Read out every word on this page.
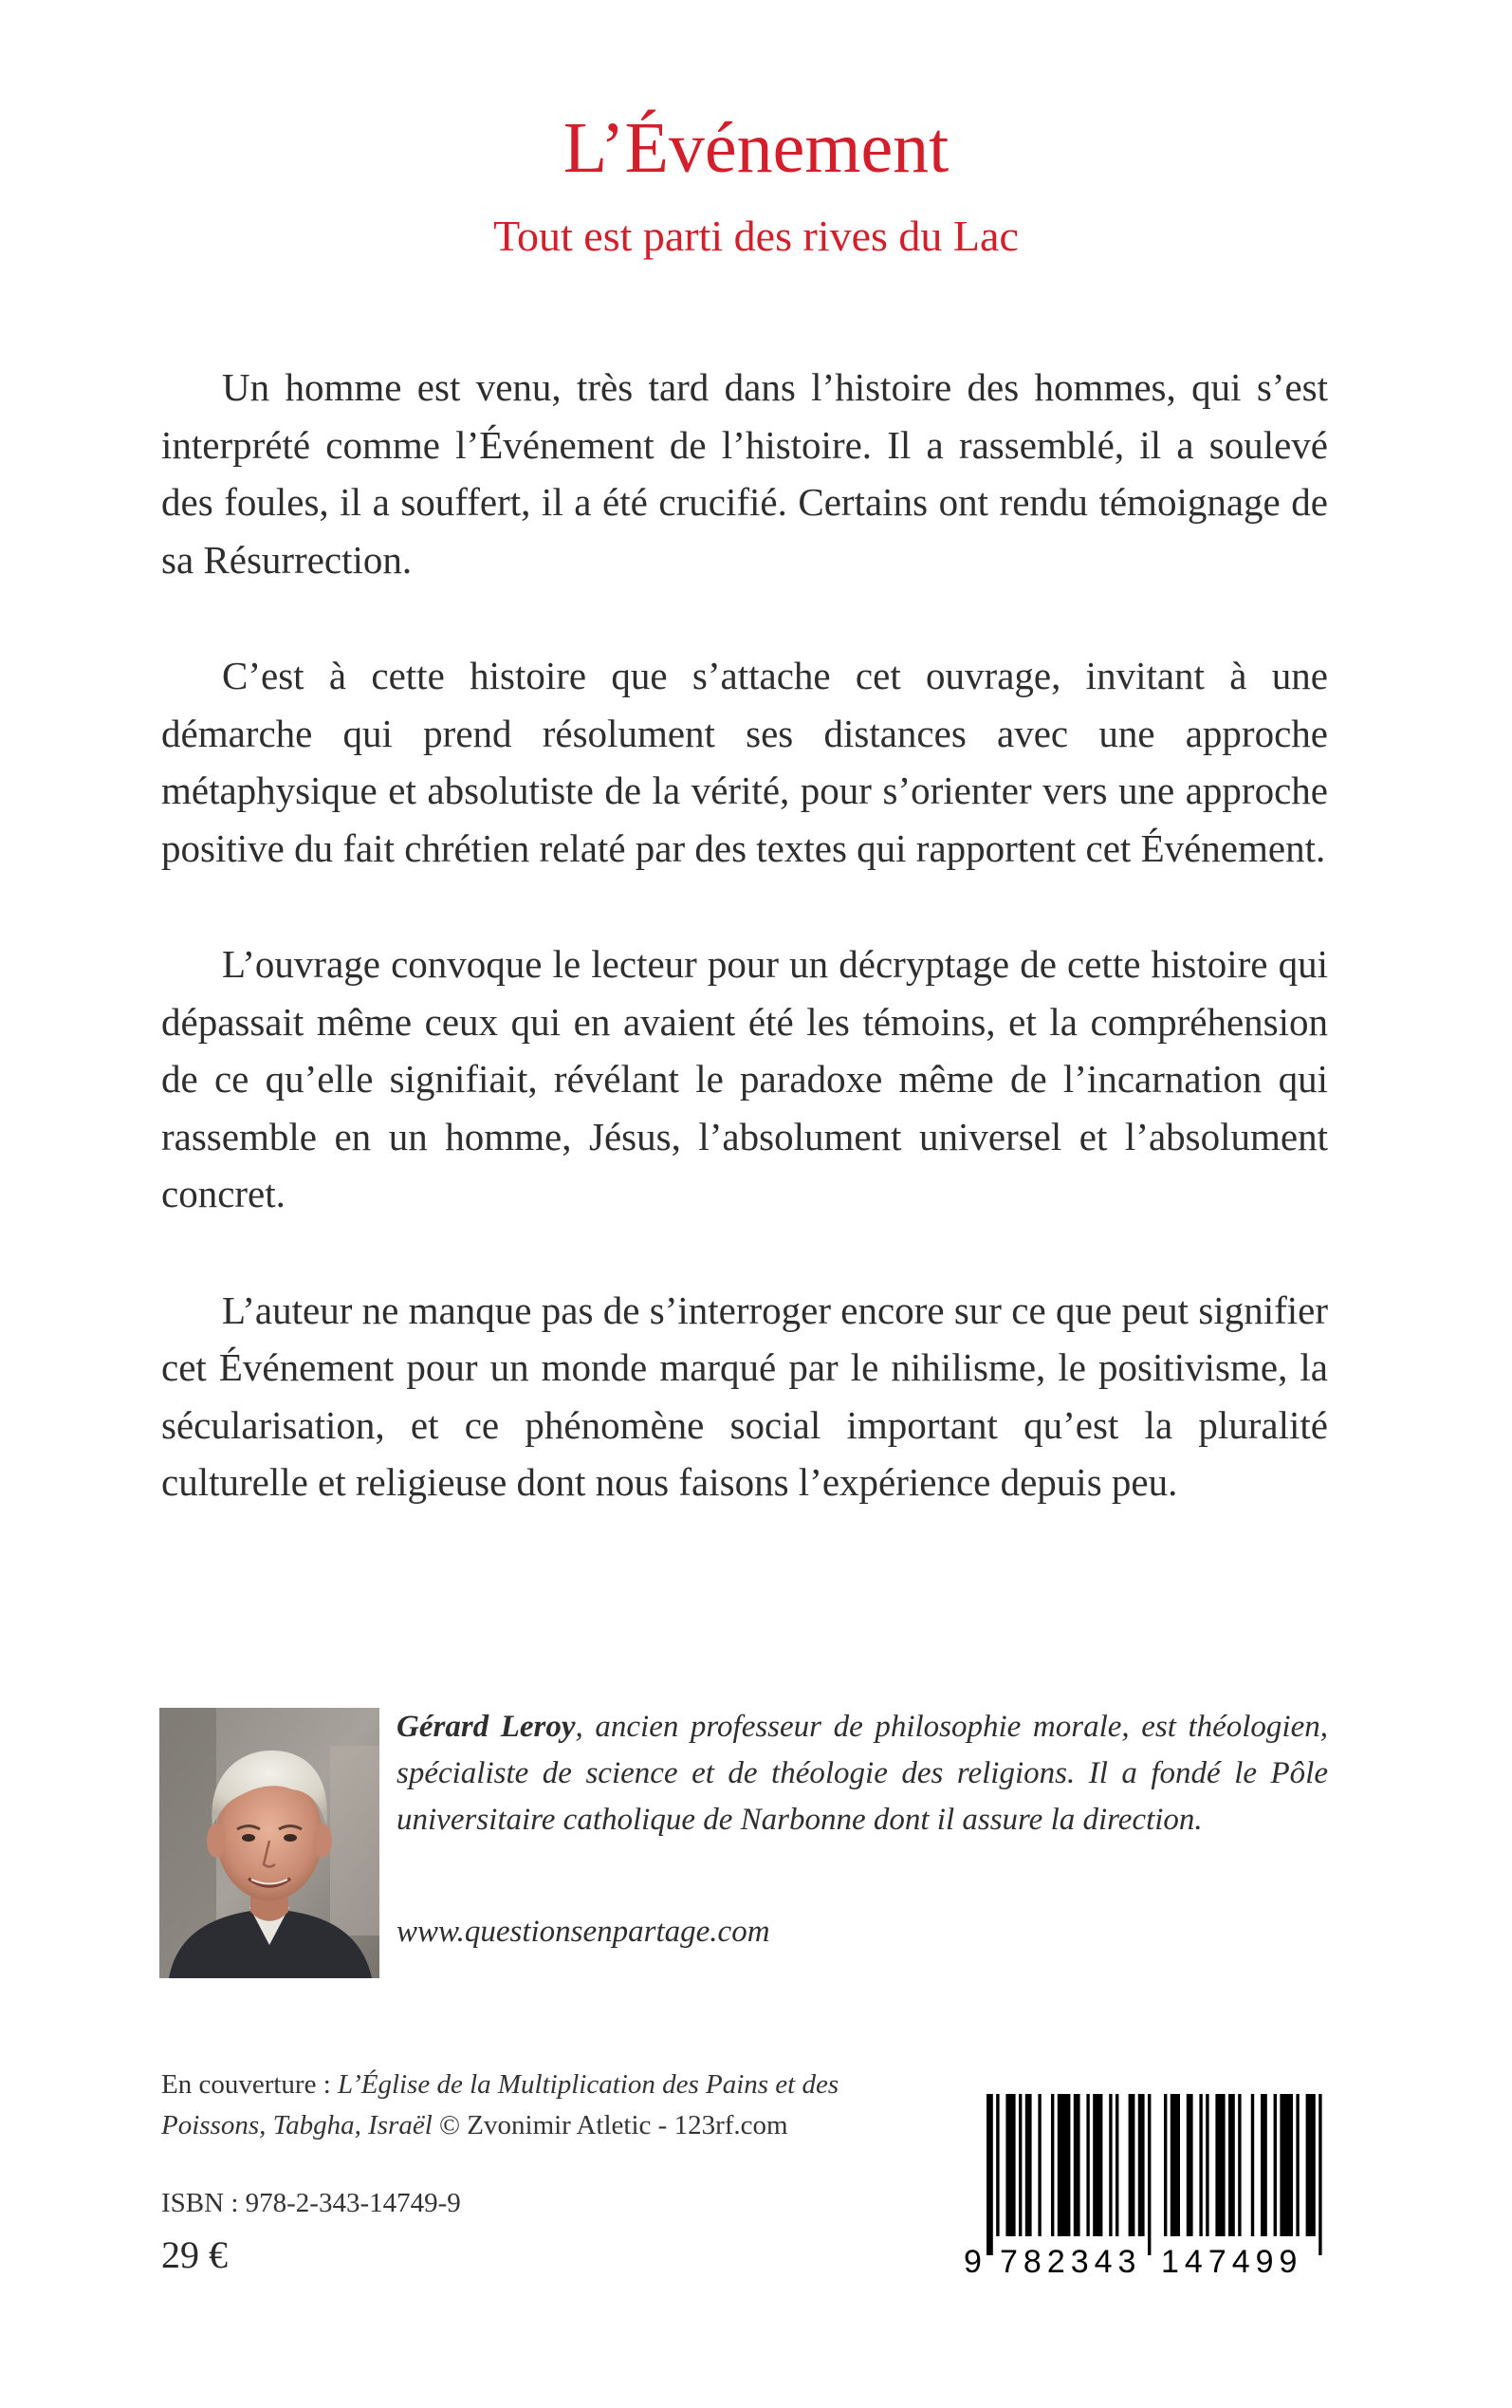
L’Événement
Tout est parti des rives du Lac

Un homme est venu, très tard dans l’histoire des hommes, qui s’est interprété comme l’Événement de l’histoire. Il a rassemblé, il a soulevé des foules, il a souffert, il a été crucifié. Certains ont rendu témoignage de sa Résurrection.

C’est à cette histoire que s’attache cet ouvrage, invitant à une démarche qui prend résolument ses distances avec une approche métaphysique et absolutiste de la vérité, pour s’orienter vers une approche positive du fait chrétien relaté par des textes qui rapportent cet Événement.

L’ouvrage convoque le lecteur pour un décryptage de cette histoire qui dépassait même ceux qui en avaient été les témoins, et la compréhension de ce qu’elle signifiait, révélant le paradoxe même de l’incarnation qui rassemble en un homme, Jésus, l’absolument universel et l’absolument concret.

L’auteur ne manque pas de s’interroger encore sur ce que peut signifier cet Événement pour un monde marqué par le nihilisme, le positivisme, la sécularisation, et ce phénomène social important qu’est la pluralité culturelle et religieuse dont nous faisons l’expérience depuis peu.

Gérard Leroy, ancien professeur de philosophie morale, est théologien, spécialiste de science et de théologie des religions. Il a fondé le Pôle universitaire catholique de Narbonne dont il assure la direction.
www.questionsenpartage.com
En couverture : L’Église de la Multiplication des Pains et des Poissons, Tabgha, Israël © Zvonimir Atletic - 123rf.com
ISBN : 978-2-343-14749-9
29 €	9 782343 147499
